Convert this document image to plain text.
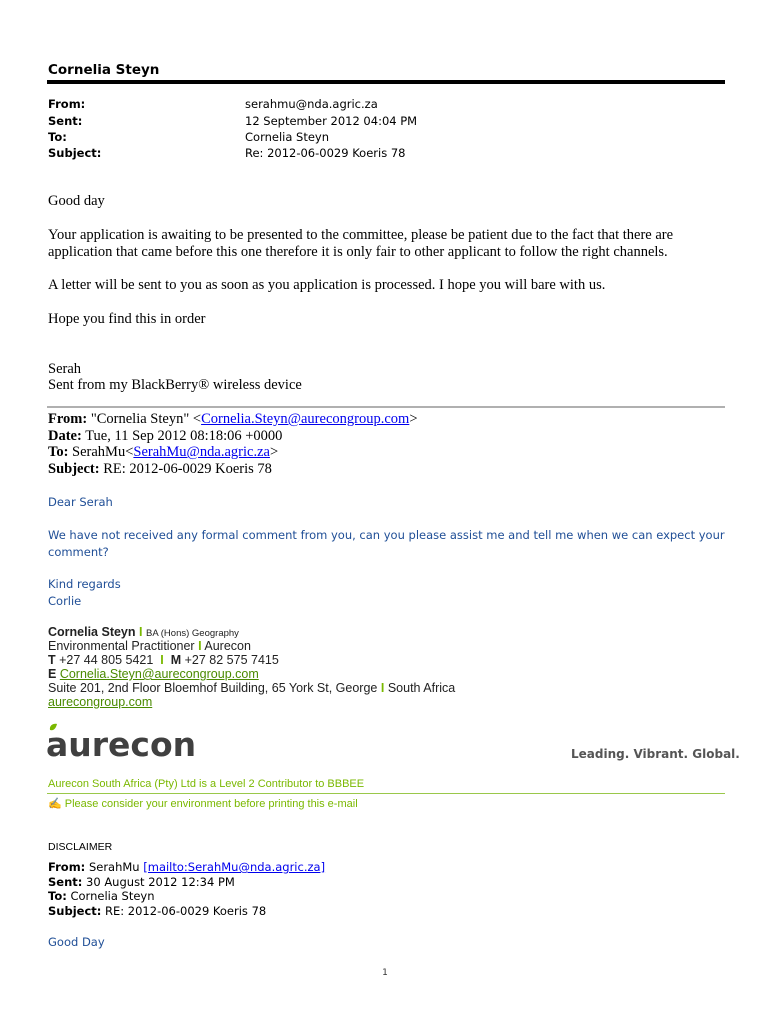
Cornelia Steyn
From:	serahmu@nda.agric.za
Sent:	12 September 2012 04:04 PM
To:	Cornelia Steyn
Subject:	Re: 2012-06-0029 Koeris 78
Good day
Your application is awaiting to be presented to the committee, please be patient due to the fact that there are application that came before this one therefore it is only fair to other applicant to follow the right channels.
A letter will be sent to you as soon as you application is processed. I hope you will bare with us.
Hope you find this in order
Serah
Sent from my BlackBerry® wireless device
From: "Cornelia Steyn" <Cornelia.Steyn@aurecongroup.com>
Date: Tue, 11 Sep 2012 08:18:06 +0000
To: SerahMu<SerahMu@nda.agric.za>
Subject: RE: 2012-06-0029 Koeris 78
Dear Serah
We have not received any formal comment from you, can you please assist me and tell me when we can expect your comment?
Kind regards
Corlie
Cornelia Steyn I BA (Hons) Geography
Environmental Practitioner I Aurecon
T +27 44 805 5421 I M +27 82 575 7415
E Cornelia.Steyn@aurecongroup.com
Suite 201, 2nd Floor Bloemhof Building, 65 York St, George I South Africa
aurecongroup.com
aurecon	Leading. Vibrant. Global.
Aurecon South Africa (Pty) Ltd is a Level 2 Contributor to BBBEE
✍ Please consider your environment before printing this e-mail
DISCLAIMER
From: SerahMu [mailto:SerahMu@nda.agric.za]
Sent: 30 August 2012 12:34 PM
To: Cornelia Steyn
Subject: RE: 2012-06-0029 Koeris 78
Good Day
1
